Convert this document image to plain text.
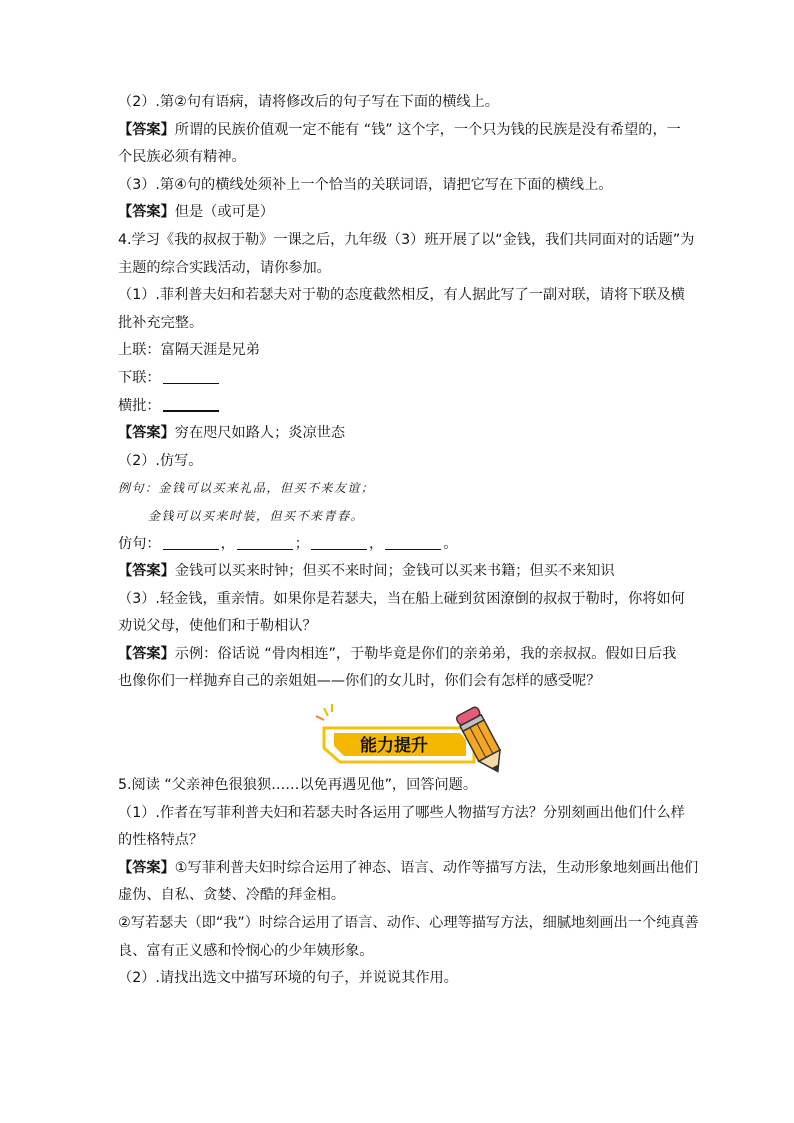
（2）.第②句有语病，请将修改后的句子写在下面的横线上。
【答案】所谓的民族价值观一定不能有 “钱” 这个字，一个只为钱的民族是没有希望的，一
个民族必须有精神。
（3）.第④句的横线处须补上一个恰当的关联词语，请把它写在下面的横线上。
【答案】但是（或可是）
4.学习《我的叔叔于勒》一课之后，九年级（3）班开展了以“金钱，我们共同面对的话题”为
主题的综合实践活动，请你参加。
（1）.菲利普夫妇和若瑟夫对于勒的态度截然相反，有人据此写了一副对联，请将下联及横
批补充完整。
上联：富隔天涯是兄弟
下联：
横批：
【答案】穷在咫尺如路人；炎凉世态
（2）.仿写。
例句：金钱可以买来礼品，但买不来友谊；
金钱可以买来时装，但买不来青春。
仿句：	，	；	，	。
【答案】金钱可以买来时钟；但买不来时间；金钱可以买来书籍；但买不来知识
（3）.轻金钱，重亲情。如果你是若瑟夫，当在船上碰到贫困潦倒的叔叔于勒时，你将如何
劝说父母，使他们和于勒相认？
【答案】示例：俗话说 “骨肉相连”，于勒毕竟是你们的亲弟弟，我的亲叔叔。假如日后我
也像你们一样抛弃自己的亲姐姐——你们的女儿时，你们会有怎样的感受呢？
能力提升
5.阅读 “父亲神色很狼狈……以免再遇见他”，回答问题。
（1）.作者在写菲利普夫妇和若瑟夫时各运用了哪些人物描写方法？分别刻画出他们什么样
的性格特点？
【答案】①写菲利普夫妇时综合运用了神态、语言、动作等描写方法，生动形象地刻画出他们
虚伪、自私、贪婪、冷酷的拜金相。
②写若瑟夫（即“我”）时综合运用了语言、动作、心理等描写方法，细腻地刻画出一个纯真善
良、富有正义感和怜悯心的少年姨形象。
（2）.请找出选文中描写环境的句子，并说说其作用。
